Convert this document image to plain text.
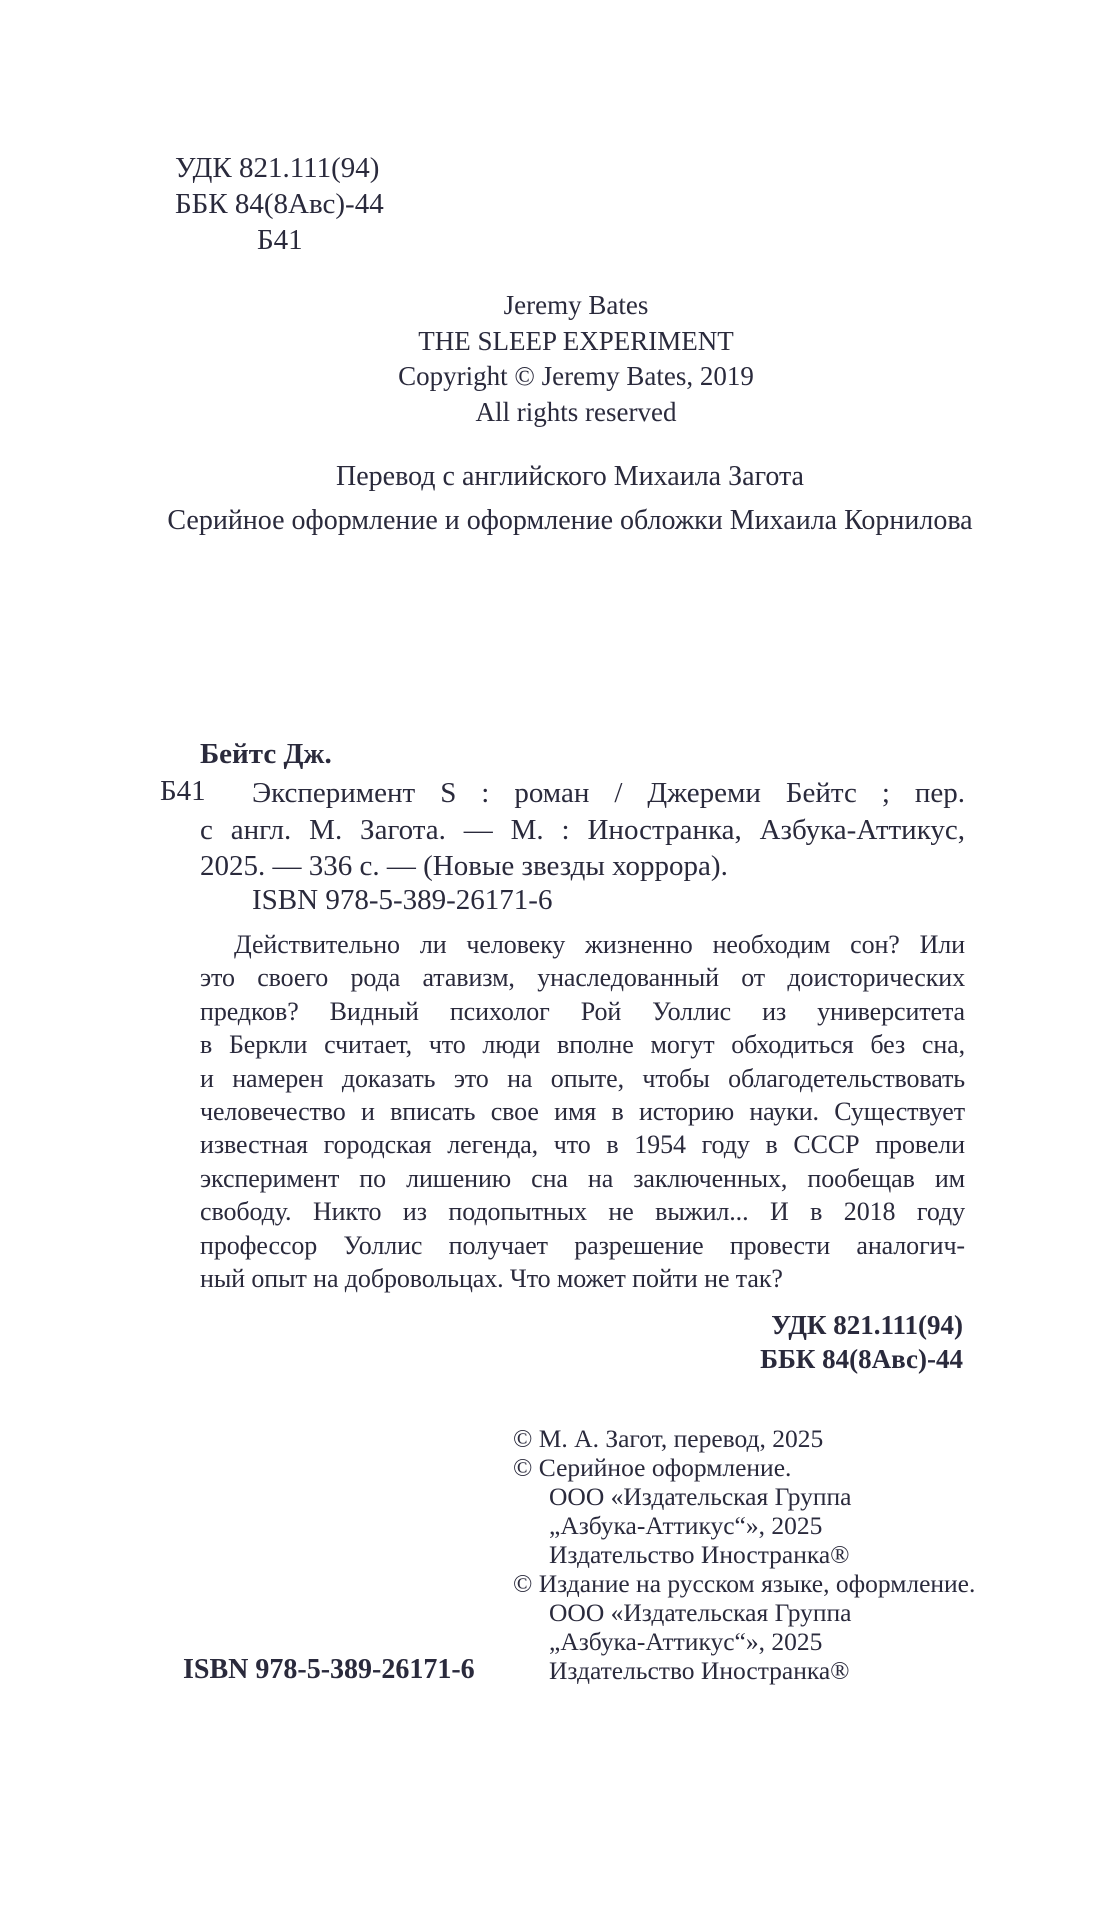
УДК 821.111(94)
ББК 84(8Авс)-44
Б41
Jeremy Bates
THE SLEEP EXPERIMENT
Copyright © Jeremy Bates, 2019
All rights reserved
Перевод с английского Михаила Загота
Серийное оформление и оформление обложки Михаила Корнилова
Бейтс Дж.
Б41	Эксперимент S : роман / Джереми Бейтс ; пер.
с англ. М. Загота. — М. : Иностранка, Азбука-Аттикус,
2025. — 336 с. — (Новые звезды хоррора).
ISBN 978-5-389-26171-6
Действительно ли человеку жизненно необходим сон? Или
это своего рода атавизм, унаследованный от доисторических
предков? Видный психолог Рой Уоллис из университета
в Беркли считает, что люди вполне могут обходиться без сна,
и намерен доказать это на опыте, чтобы облагодетельствовать
человечество и вписать свое имя в историю науки. Существует
известная городская легенда, что в 1954 году в СССР провели
эксперимент по лишению сна на заключенных, пообещав им
свободу. Никто из подопытных не выжил... И в 2018 году
профессор Уоллис получает разрешение провести аналогич-
ный опыт на добровольцах. Что может пойти не так?
УДК 821.111(94)
ББК 84(8Авс)-44
© М. А. Загот, перевод, 2025
© Серийное оформление.
ООО «Издательская Группа
„Азбука-Аттикус“», 2025
Издательство Иностранка®
© Издание на русском языке, оформление.
ООО «Издательская Группа
„Азбука-Аттикус“», 2025
Издательство Иностранка®
ISBN 978-5-389-26171-6
